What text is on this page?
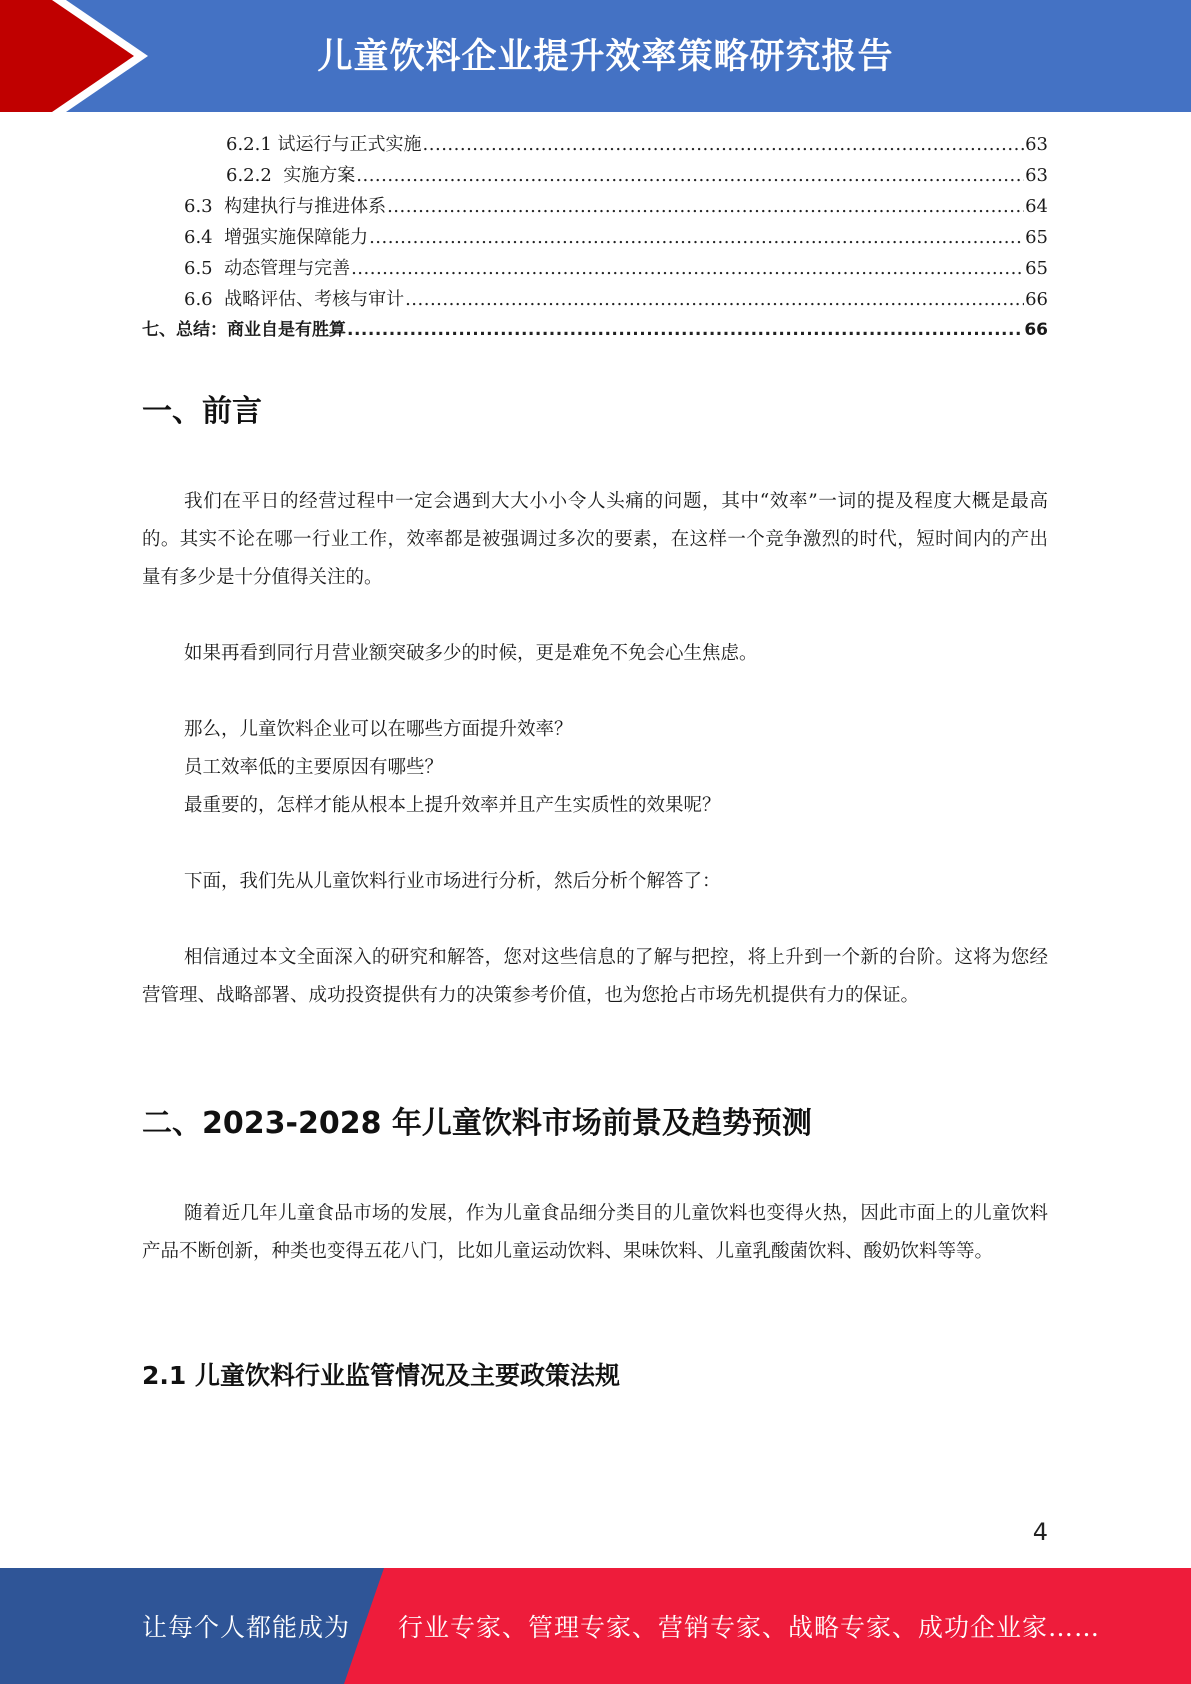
儿童饮料企业提升效率策略研究报告
6.2.1 试运行与正式实施 .....	63
6.2.2  实施方案 .....	63
6.3  构建执行与推进体系 .....	64
6.4  增强实施保障能力 .....	65
6.5  动态管理与完善 .....	65
6.6  战略评估、考核与审计 .....	66
七、总结：商业自是有胜算 .....	66
一、前言

我们在平日的经营过程中一定会遇到大大小小令人头痛的问题，其中“效率”一词的提及程度大概是最高的。其实不论在哪一行业工作，效率都是被强调过多次的要素，在这样一个竞争激烈的时代，短时间内的产出量有多少是十分值得关注的。

如果再看到同行月营业额突破多少的时候，更是难免不免会心生焦虑。

那么，儿童饮料企业可以在哪些方面提升效率？
员工效率低的主要原因有哪些？
最重要的，怎样才能从根本上提升效率并且产生实质性的效果呢？

下面，我们先从儿童饮料行业市场进行分析，然后分析个解答了：

相信通过本文全面深入的研究和解答，您对这些信息的了解与把控，将上升到一个新的台阶。这将为您经营管理、战略部署、成功投资提供有力的决策参考价值，也为您抢占市场先机提供有力的保证。

二、2023-2028 年儿童饮料市场前景及趋势预测

随着近几年儿童食品市场的发展，作为儿童食品细分类目的儿童饮料也变得火热，因此市面上的儿童饮料产品不断创新，种类也变得五花八门，比如儿童运动饮料、果味饮料、儿童乳酸菌饮料、酸奶饮料等等。

2.1 儿童饮料行业监管情况及主要政策法规
4
让每个人都能成为 行业专家、管理专家、营销专家、战略专家、成功企业家……
